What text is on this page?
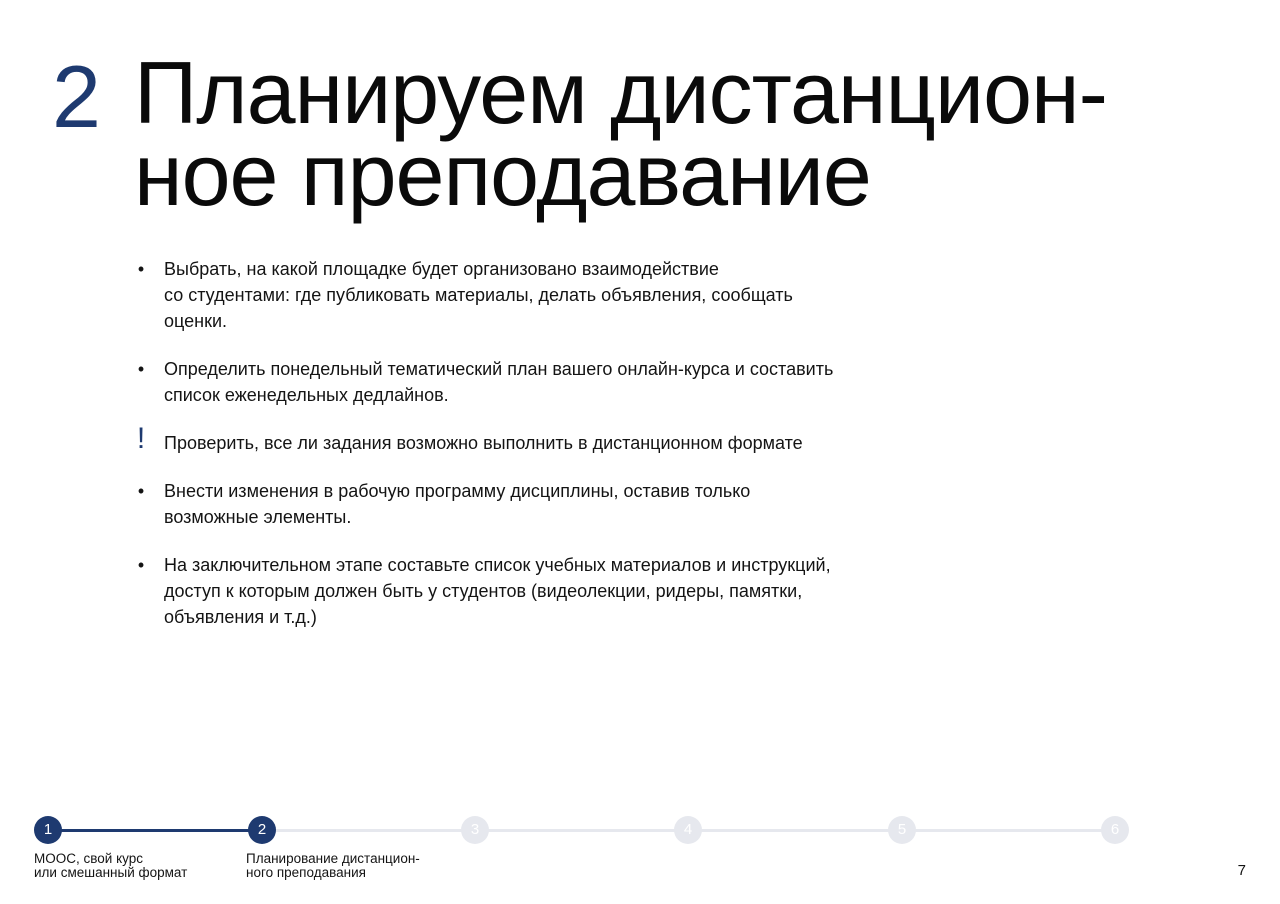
2 Планируем дистанцион-
ное преподавание
• Выбрать, на какой площадке будет организовано взаимодействие
со студентами: где публиковать материалы, делать объявления, сообщать
оценки.
• Определить понедельный тематический план вашего онлайн-курса и составить
список еженедельных дедлайнов.
! Проверить, все ли задания возможно выполнить в дистанционном формате
• Внести изменения в рабочую программу дисциплины, оставив только
возможные элементы.
• На заключительном этапе составьте список учебных материалов и инструкций,
доступ к которым должен быть у студентов (видеолекции, ридеры, памятки,
объявления и т.д.)
1	2	3	4	5	6
MOOC, свой курс
или смешанный формат
Планирование дистанцион-
ного преподавания	7
